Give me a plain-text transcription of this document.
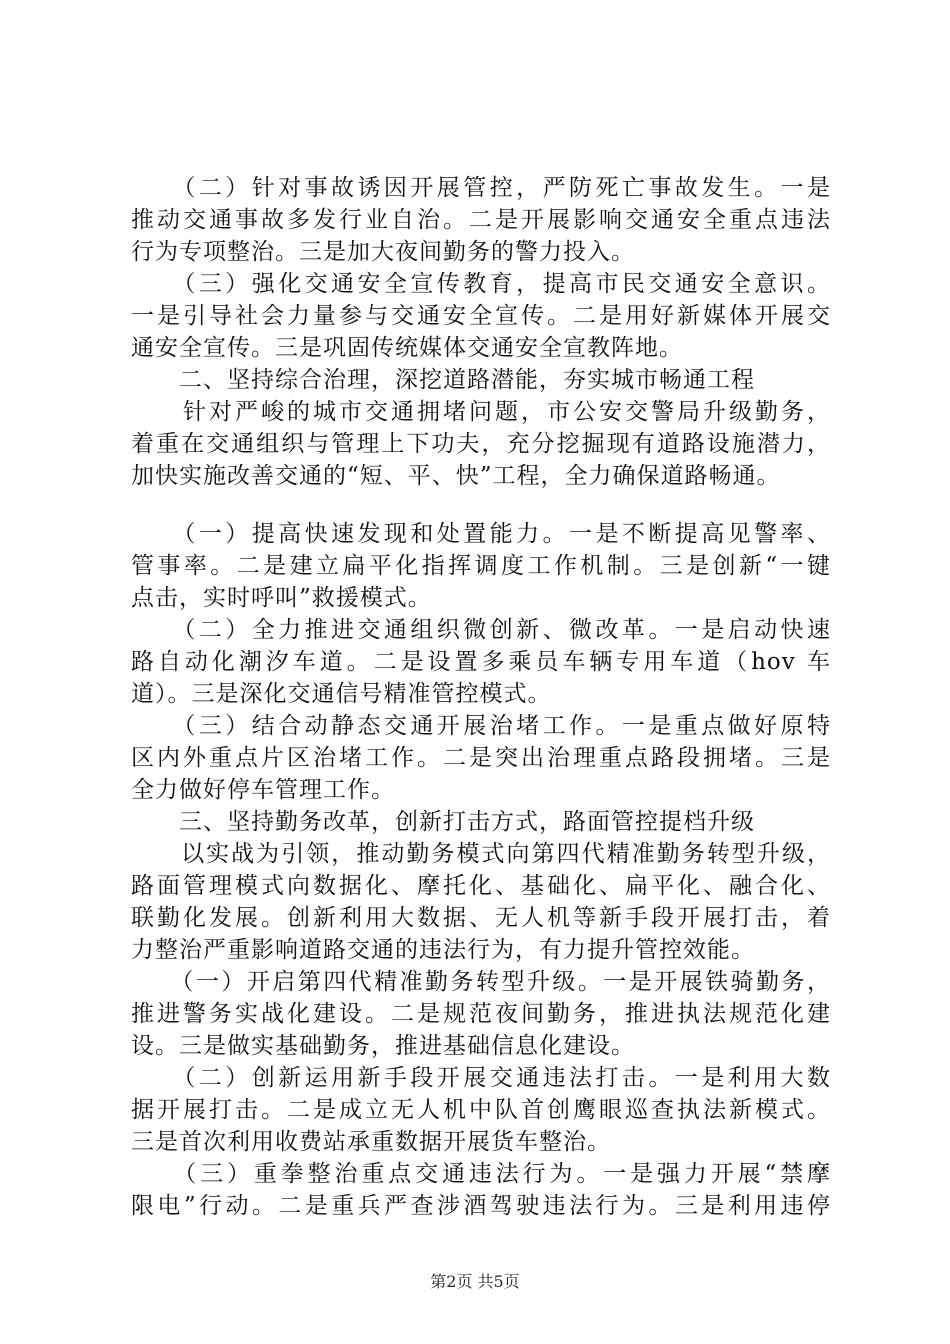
　　（二）针对事故诱因开展管控，严防死亡事故发生。一是
推动交通事故多发行业自治。二是开展影响交通安全重点违法
行为专项整治。三是加大夜间勤务的警力投入。
　　（三）强化交通安全宣传教育，提高市民交通安全意识。
一是引导社会力量参与交通安全宣传。二是用好新媒体开展交
通安全宣传。三是巩固传统媒体交通安全宣教阵地。
　　二、坚持综合治理，深挖道路潜能，夯实城市畅通工程
　　针对严峻的城市交通拥堵问题，市公安交警局升级勤务，
着重在交通组织与管理上下功夫，充分挖掘现有道路设施潜力，
加快实施改善交通的“短、平、快”工程，全力确保道路畅通。
　　（一）提高快速发现和处置能力。一是不断提高见警率、
管事率。二是建立扁平化指挥调度工作机制。三是创新“一键
点击，实时呼叫”救援模式。
　　（二）全力推进交通组织微创新、微改革。一是启动快速
路自动化潮汐车道。二是设置多乘员车辆专用车道（hov 车
道）。三是深化交通信号精准管控模式。
　　（三）结合动静态交通开展治堵工作。一是重点做好原特
区内外重点片区治堵工作。二是突出治理重点路段拥堵。三是
全力做好停车管理工作。
　　三、坚持勤务改革，创新打击方式，路面管控提档升级
　　以实战为引领，推动勤务模式向第四代精准勤务转型升级，
路面管理模式向数据化、摩托化、基础化、扁平化、融合化、
联勤化发展。创新利用大数据、无人机等新手段开展打击，着
力整治严重影响道路交通的违法行为，有力提升管控效能。
　　（一）开启第四代精准勤务转型升级。一是开展铁骑勤务，
推进警务实战化建设。二是规范夜间勤务，推进执法规范化建
设。三是做实基础勤务，推进基础信息化建设。
　　（二）创新运用新手段开展交通违法打击。一是利用大数
据开展打击。二是成立无人机中队首创鹰眼巡查执法新模式。
三是首次利用收费站承重数据开展货车整治。
　　（三）重拳整治重点交通违法行为。一是强力开展“禁摩
限电”行动。二是重兵严查涉酒驾驶违法行为。三是利用违停
第2页 共5页
